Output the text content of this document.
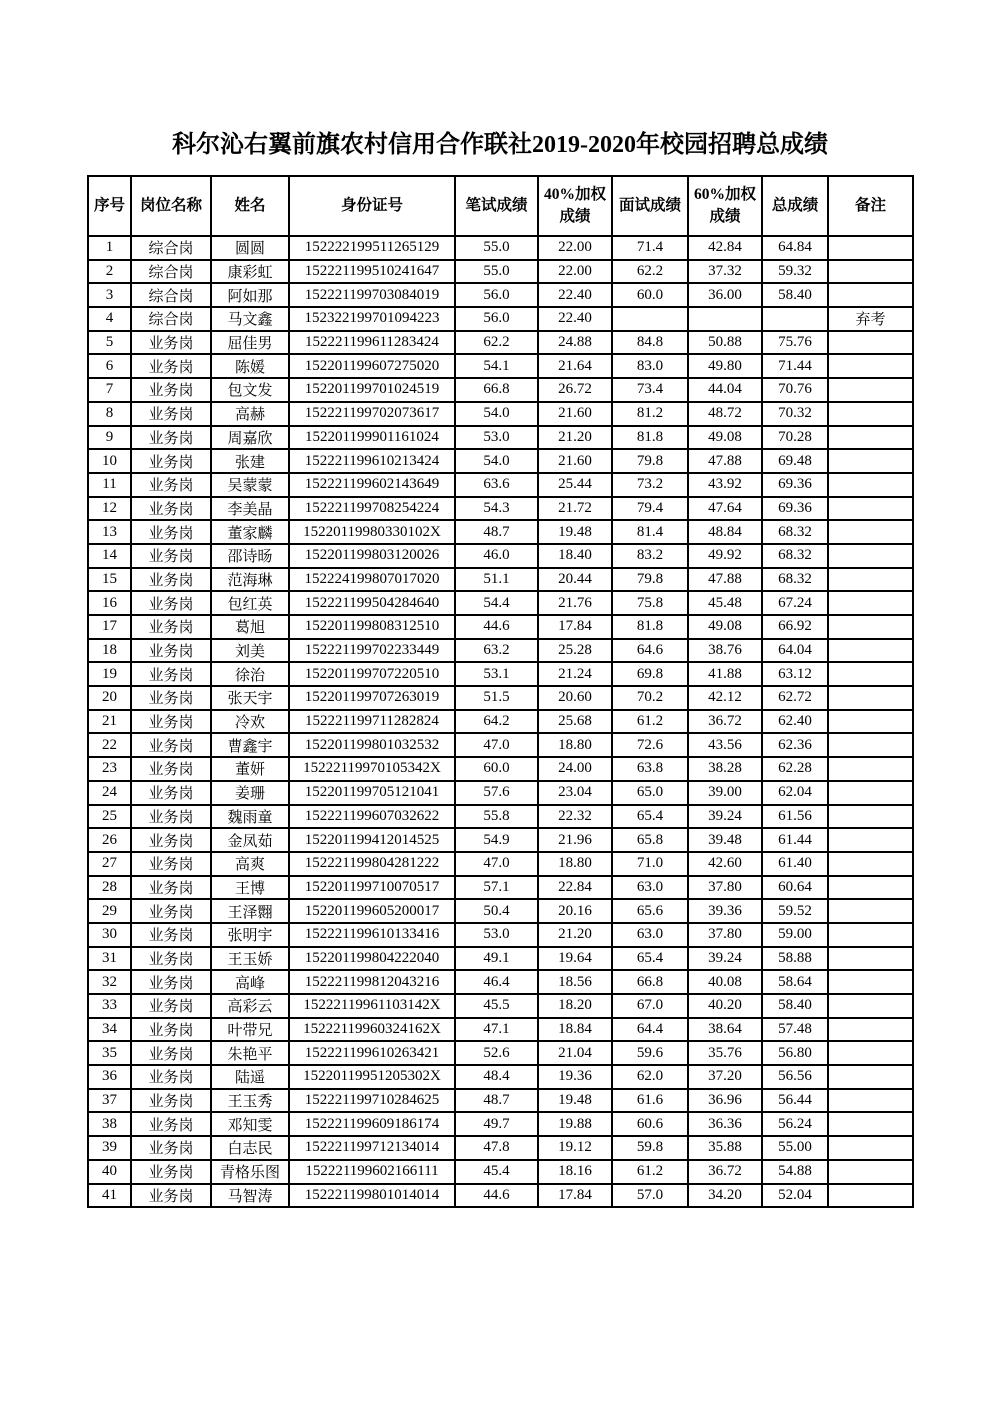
科尔沁右翼前旗农村信用合作联社2019-2020年校园招聘总成绩
序号	岗位名称	姓名	身份证号	笔试成绩	40%加权成绩	面试成绩	60%加权成绩	总成绩	备注
1	综合岗	圆圆	152222199511265129	55.0	22.00	71.4	42.84	64.84	
2	综合岗	康彩虹	152221199510241647	55.0	22.00	62.2	37.32	59.32	
3	综合岗	阿如那	152221199703084019	56.0	22.40	60.0	36.00	58.40	
4	综合岗	马文鑫	152322199701094223	56.0	22.40				弃考
5	业务岗	屈佳男	152221199611283424	62.2	24.88	84.8	50.88	75.76	
6	业务岗	陈媛	152201199607275020	54.1	21.64	83.0	49.80	71.44	
7	业务岗	包文发	152201199701024519	66.8	26.72	73.4	44.04	70.76	
8	业务岗	高赫	152221199702073617	54.0	21.60	81.2	48.72	70.32	
9	业务岗	周嘉欣	152201199901161024	53.0	21.20	81.8	49.08	70.28	
10	业务岗	张建	152221199610213424	54.0	21.60	79.8	47.88	69.48	
11	业务岗	吴蒙蒙	152221199602143649	63.6	25.44	73.2	43.92	69.36	
12	业务岗	李美晶	152221199708254224	54.3	21.72	79.4	47.64	69.36	
13	业务岗	董家麟	15220119980330102X	48.7	19.48	81.4	48.84	68.32	
14	业务岗	邵诗旸	152201199803120026	46.0	18.40	83.2	49.92	68.32	
15	业务岗	范海琳	152224199807017020	51.1	20.44	79.8	47.88	68.32	
16	业务岗	包红英	152221199504284640	54.4	21.76	75.8	45.48	67.24	
17	业务岗	葛旭	152201199808312510	44.6	17.84	81.8	49.08	66.92	
18	业务岗	刘美	152221199702233449	63.2	25.28	64.6	38.76	64.04	
19	业务岗	徐治	152201199707220510	53.1	21.24	69.8	41.88	63.12	
20	业务岗	张天宇	152201199707263019	51.5	20.60	70.2	42.12	62.72	
21	业务岗	冷欢	152221199711282824	64.2	25.68	61.2	36.72	62.40	
22	业务岗	曹鑫宇	152201199801032532	47.0	18.80	72.6	43.56	62.36	
23	业务岗	董妍	15222119970105342X	60.0	24.00	63.8	38.28	62.28	
24	业务岗	姜珊	152201199705121041	57.6	23.04	65.0	39.00	62.04	
25	业务岗	魏雨童	152221199607032622	55.8	22.32	65.4	39.24	61.56	
26	业务岗	金凤茹	152201199412014525	54.9	21.96	65.8	39.48	61.44	
27	业务岗	高爽	152221199804281222	47.0	18.80	71.0	42.60	61.40	
28	业务岗	王博	152201199710070517	57.1	22.84	63.0	37.80	60.64	
29	业务岗	王泽翾	152201199605200017	50.4	20.16	65.6	39.36	59.52	
30	业务岗	张明宇	152221199610133416	53.0	21.20	63.0	37.80	59.00	
31	业务岗	王玉娇	152201199804222040	49.1	19.64	65.4	39.24	58.88	
32	业务岗	高峰	152221199812043216	46.4	18.56	66.8	40.08	58.64	
33	业务岗	高彩云	15222119961103142X	45.5	18.20	67.0	40.20	58.40	
34	业务岗	叶带兄	15222119960324162X	47.1	18.84	64.4	38.64	57.48	
35	业务岗	朱艳平	152221199610263421	52.6	21.04	59.6	35.76	56.80	
36	业务岗	陆遥	15220119951205302X	48.4	19.36	62.0	37.20	56.56	
37	业务岗	王玉秀	152221199710284625	48.7	19.48	61.6	36.96	56.44	
38	业务岗	邓知雯	152221199609186174	49.7	19.88	60.6	36.36	56.24	
39	业务岗	白志民	152221199712134014	47.8	19.12	59.8	35.88	55.00	
40	业务岗	青格乐图	152221199602166111	45.4	18.16	61.2	36.72	54.88	
41	业务岗	马智涛	152221199801014014	44.6	17.84	57.0	34.20	52.04	
